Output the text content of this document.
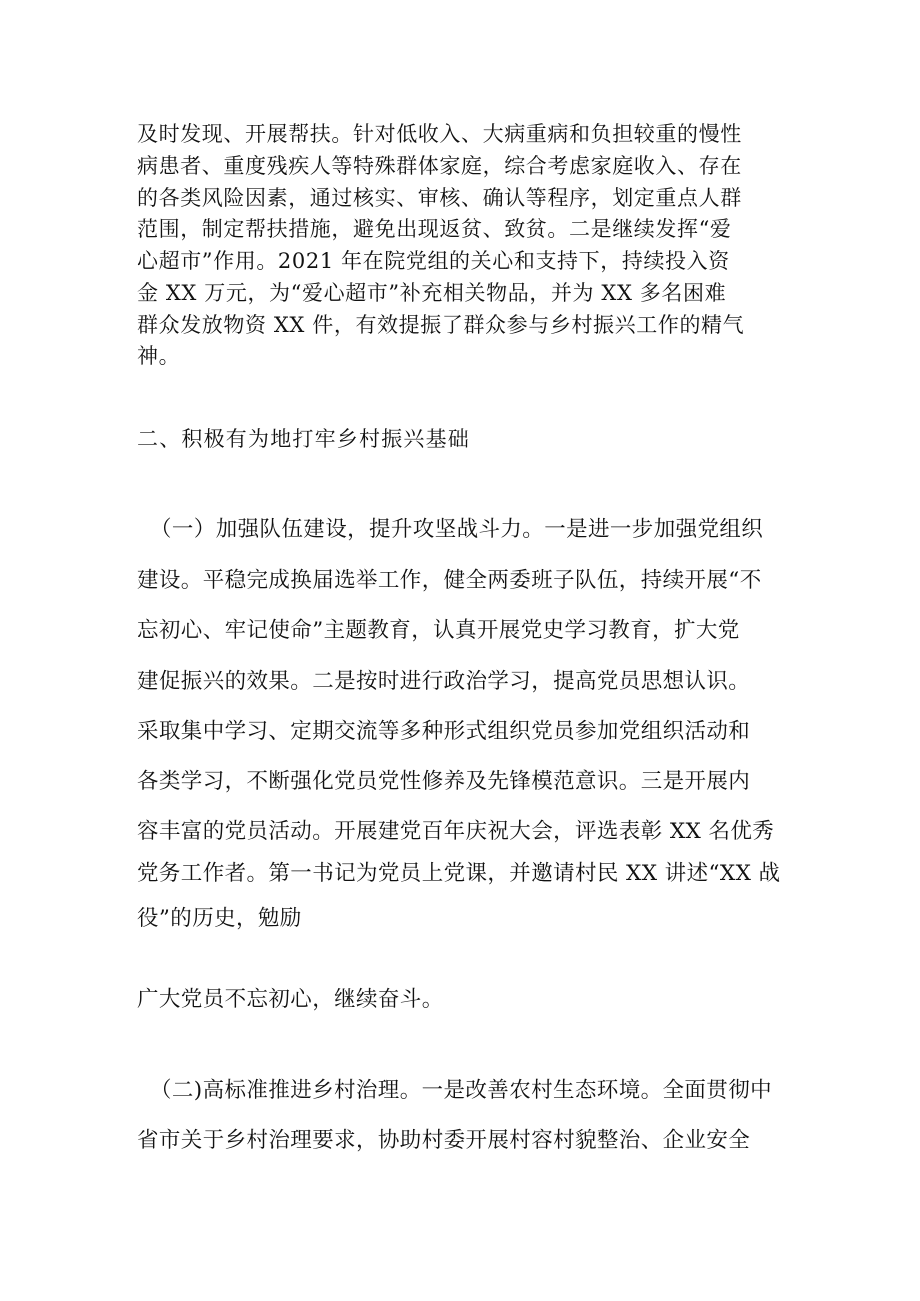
及时发现、开展帮扶。针对低收入、大病重病和负担较重的慢性
病患者、重度残疾人等特殊群体家庭，综合考虑家庭收入、存在
的各类风险因素，通过核实、审核、确认等程序，划定重点人群
范围，制定帮扶措施，避免出现返贫、致贫。二是继续发挥“爱
心超市”作用。2021 年在院党组的关心和支持下，持续投入资
金 XX 万元，为“爱心超市”补充相关物品，并为 XX 多名困难
群众发放物资 XX 件，有效提振了群众参与乡村振兴工作的精气
神。
二、积极有为地打牢乡村振兴基础
（一）加强队伍建设，提升攻坚战斗力。一是进一步加强党组织
建设。平稳完成换届选举工作，健全两委班子队伍，持续开展“不
忘初心、牢记使命”主题教育，认真开展党史学习教育，扩大党
建促振兴的效果。二是按时进行政治学习，提高党员思想认识。
采取集中学习、定期交流等多种形式组织党员参加党组织活动和
各类学习，不断强化党员党性修养及先锋模范意识。三是开展内
容丰富的党员活动。开展建党百年庆祝大会，评选表彰 XX 名优秀
党务工作者。第一书记为党员上党课，并邀请村民 XX 讲述“XX 战
役”的历史，勉励
广大党员不忘初心，继续奋斗。
（二)高标准推进乡村治理。一是改善农村生态环境。全面贯彻中
省市关于乡村治理要求，协助村委开展村容村貌整治、企业安全
